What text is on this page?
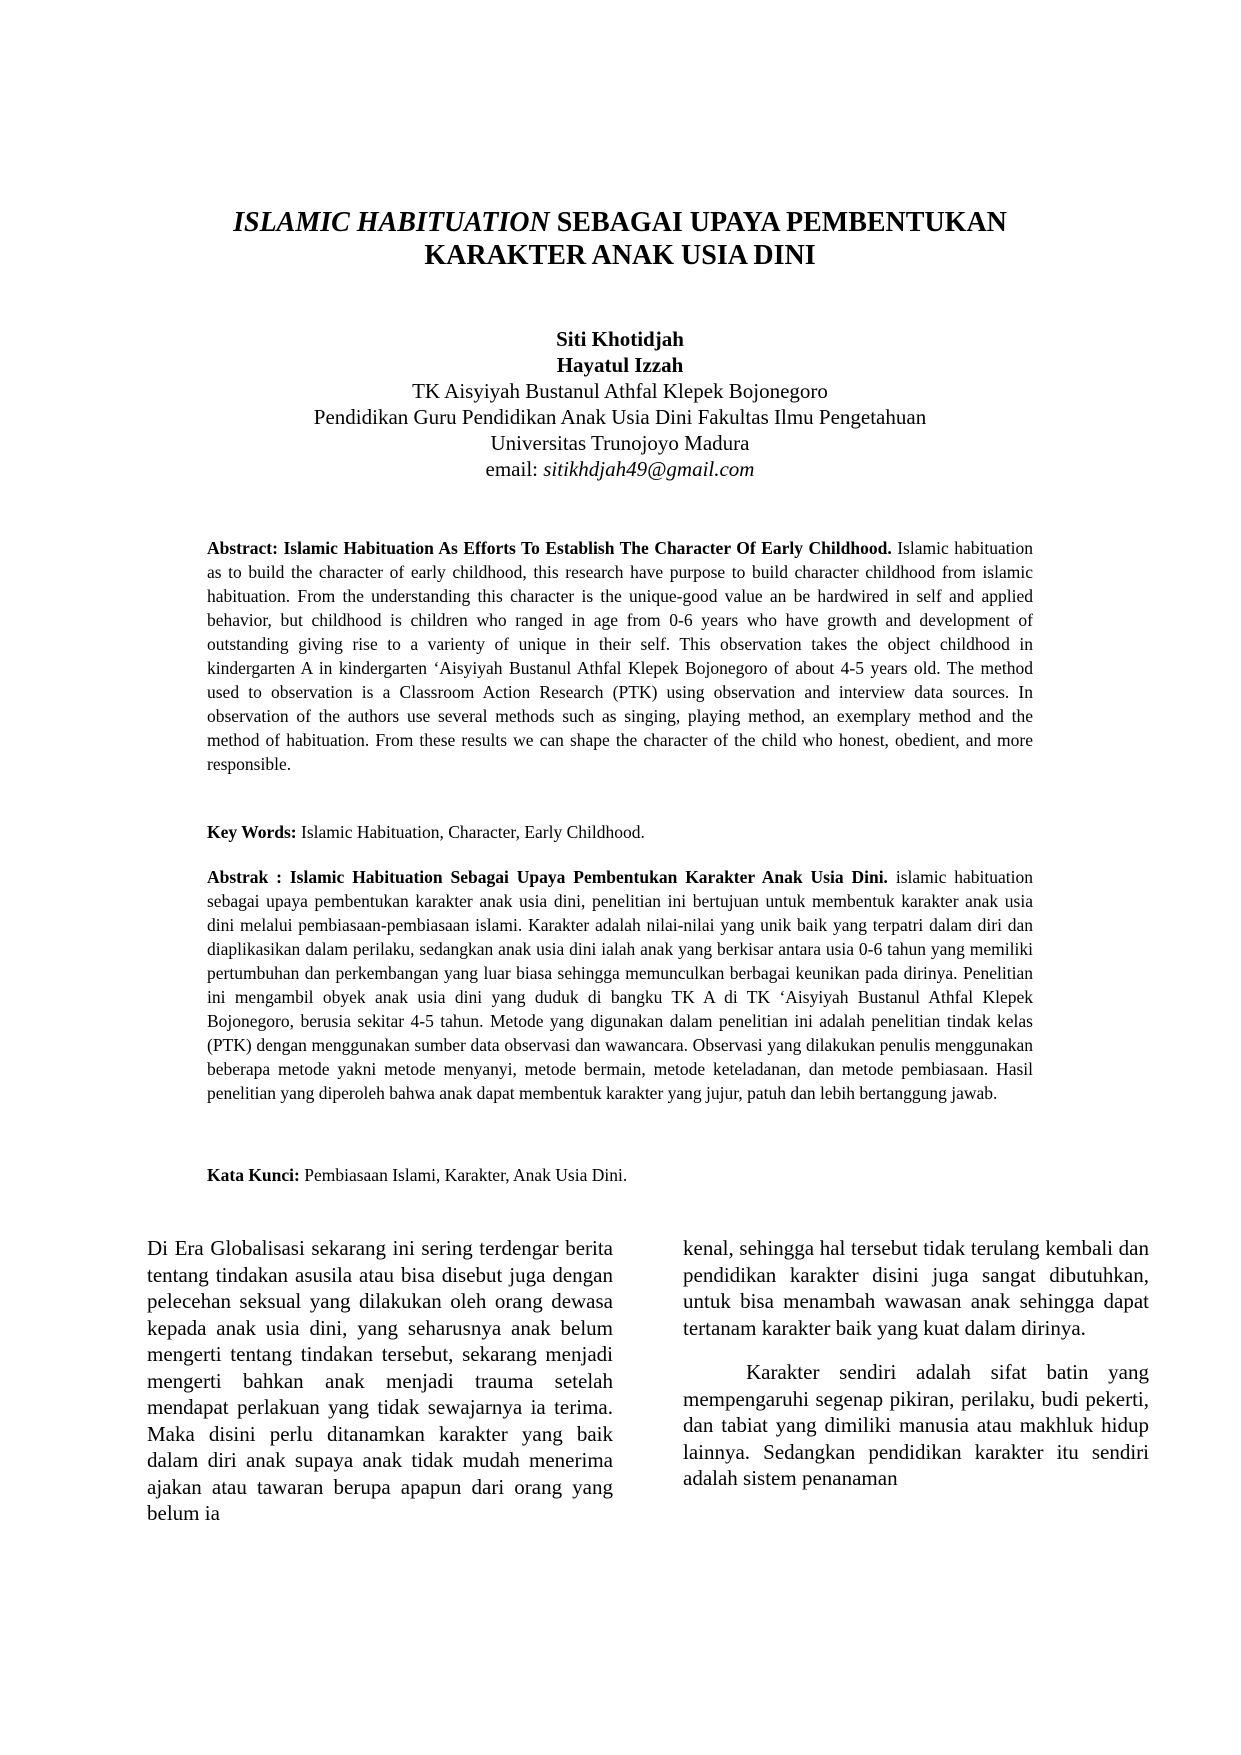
ISLAMIC HABITUATION SEBAGAI UPAYA PEMBENTUKAN
KARAKTER ANAK USIA DINI
Siti Khotidjah
Hayatul Izzah
TK Aisyiyah Bustanul Athfal Klepek Bojonegoro
Pendidikan Guru Pendidikan Anak Usia Dini Fakultas Ilmu Pengetahuan
Universitas Trunojoyo Madura
email: sitikhdjah49@gmail.com
Abstract: Islamic Habituation As Efforts To Establish The Character Of Early Childhood. Islamic habituation as to build the character of early childhood, this research have purpose to build character childhood from islamic habituation. From the understanding this character is the unique-good value an be hardwired in self and applied behavior, but childhood is children who ranged in age from 0-6 years who have growth and development of outstanding giving rise to a varienty of unique in their self. This observation takes the object childhood in kindergarten A in kindergarten ‘Aisyiyah Bustanul Athfal Klepek Bojonegoro of about 4-5 years old. The method used to observation is a Classroom Action Research (PTK) using observation and interview data sources. In observation of the authors use several methods such as singing, playing method, an exemplary method and the method of habituation. From these results we can shape the character of the child who honest, obedient, and more responsible.
Key Words: Islamic Habituation, Character, Early Childhood.
Abstrak : Islamic Habituation Sebagai Upaya Pembentukan Karakter Anak Usia Dini. islamic habituation sebagai upaya pembentukan karakter anak usia dini, penelitian ini bertujuan untuk membentuk karakter anak usia dini melalui pembiasaan-pembiasaan islami. Karakter adalah nilai-nilai yang unik baik yang terpatri dalam diri dan diaplikasikan dalam perilaku, sedangkan anak usia dini ialah anak yang berkisar antara usia 0-6 tahun yang memiliki pertumbuhan dan perkembangan yang luar biasa sehingga memunculkan berbagai keunikan pada dirinya. Penelitian ini mengambil obyek anak usia dini yang duduk di bangku TK A di TK ‘Aisyiyah Bustanul Athfal Klepek Bojonegoro, berusia sekitar 4-5 tahun. Metode yang digunakan dalam penelitian ini adalah penelitian tindak kelas (PTK) dengan menggunakan sumber data observasi dan wawancara. Observasi yang dilakukan penulis menggunakan beberapa metode yakni metode menyanyi, metode bermain, metode keteladanan, dan metode pembiasaan. Hasil penelitian yang diperoleh bahwa anak dapat membentuk karakter yang jujur, patuh dan lebih bertanggung jawab.
Kata Kunci: Pembiasaan Islami, Karakter, Anak Usia Dini.

Di Era Globalisasi sekarang ini sering terdengar berita tentang tindakan asusila atau bisa disebut juga dengan pelecehan seksual yang dilakukan oleh orang dewasa kepada anak usia dini, yang seharusnya anak belum mengerti tentang tindakan tersebut, sekarang menjadi mengerti bahkan anak menjadi trauma setelah mendapat perlakuan yang tidak sewajarnya ia terima. Maka disini perlu ditanamkan karakter yang baik dalam diri anak supaya anak tidak mudah menerima ajakan atau tawaran berupa apapun dari orang yang belum ia

kenal, sehingga hal tersebut tidak terulang kembali dan pendidikan karakter disini juga sangat dibutuhkan, untuk bisa menambah wawasan anak sehingga dapat tertanam karakter baik yang kuat dalam dirinya.

Karakter sendiri adalah sifat batin yang mempengaruhi segenap pikiran, perilaku, budi pekerti, dan tabiat yang dimiliki manusia atau makhluk hidup lainnya. Sedangkan pendidikan karakter itu sendiri adalah sistem penanaman
